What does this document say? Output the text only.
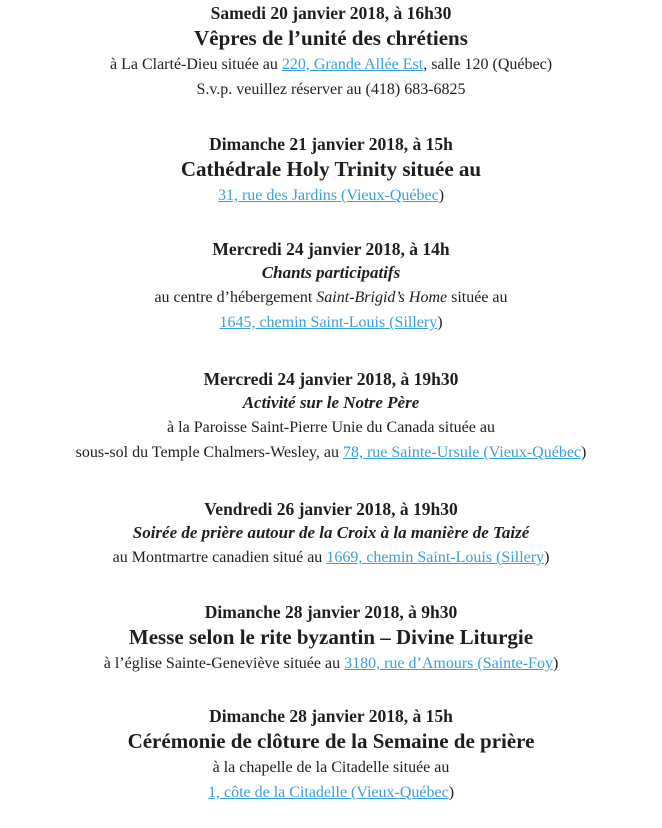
Samedi 20 janvier 2018, à 16h30
Vêpres de l’unité des chrétiens
à La Clarté-Dieu située au 220, Grande Allée Est, salle 120 (Québec)
S.v.p. veuillez réserver au (418) 683-6825
Dimanche 21 janvier 2018, à 15h
Cathédrale Holy Trinity située au
31, rue des Jardins (Vieux-Québec)
Mercredi 24 janvier 2018, à 14h
Chants participatifs
au centre d’hébergement Saint-Brigid’s Home située au
1645, chemin Saint-Louis (Sillery)
Mercredi 24 janvier 2018, à 19h30
Activité sur le Notre Père
à la Paroisse Saint-Pierre Unie du Canada située au
sous-sol du Temple Chalmers-Wesley, au 78, rue Sainte-Ursule (Vieux-Québec)
Vendredi 26 janvier 2018, à 19h30
Soirée de prière autour de la Croix à la manière de Taizé
au Montmartre canadien situé au 1669, chemin Saint-Louis (Sillery)
Dimanche 28 janvier 2018, à 9h30
Messe selon le rite byzantin – Divine Liturgie
à l’église Sainte-Geneviève située au 3180, rue d’Amours (Sainte-Foy)
Dimanche 28 janvier 2018, à 15h
Cérémonie de clôture de la Semaine de prière
à la chapelle de la Citadelle située au
1, côte de la Citadelle (Vieux-Québec)
